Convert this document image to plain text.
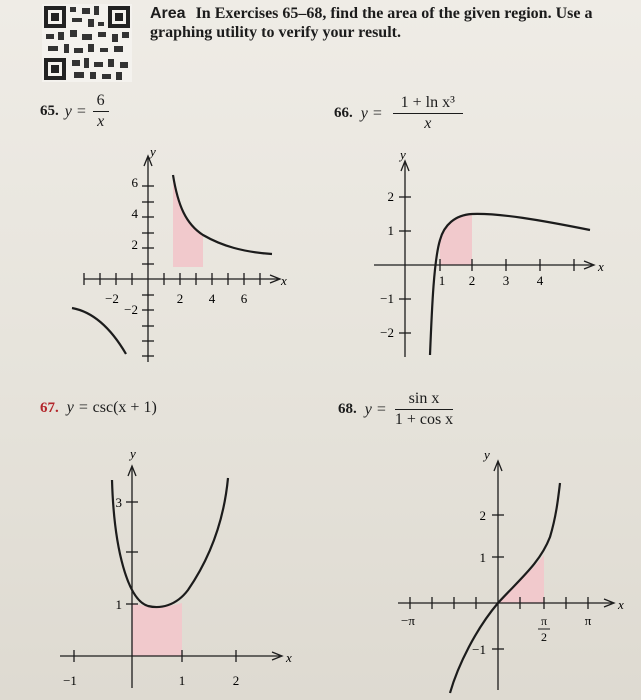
Area In Exercises 65–68, find the area of the given region. Use a graphing utility to verify your result.
65. $y = \frac{6}{x}$	66. $y = \frac{\text{1 + ln x³}}{x}$
67. y = csc(x + 1)	68. $y = \frac{\text{sin x}}{\text{1 + cos x}}$
y
x
−2	2 4 6
6
4
2
−2
y
x
1 2 3 4
2
1
−1
−2
y
x
−1	1	2
3
1
y
x
−π	π
2
π
2
1
−1
